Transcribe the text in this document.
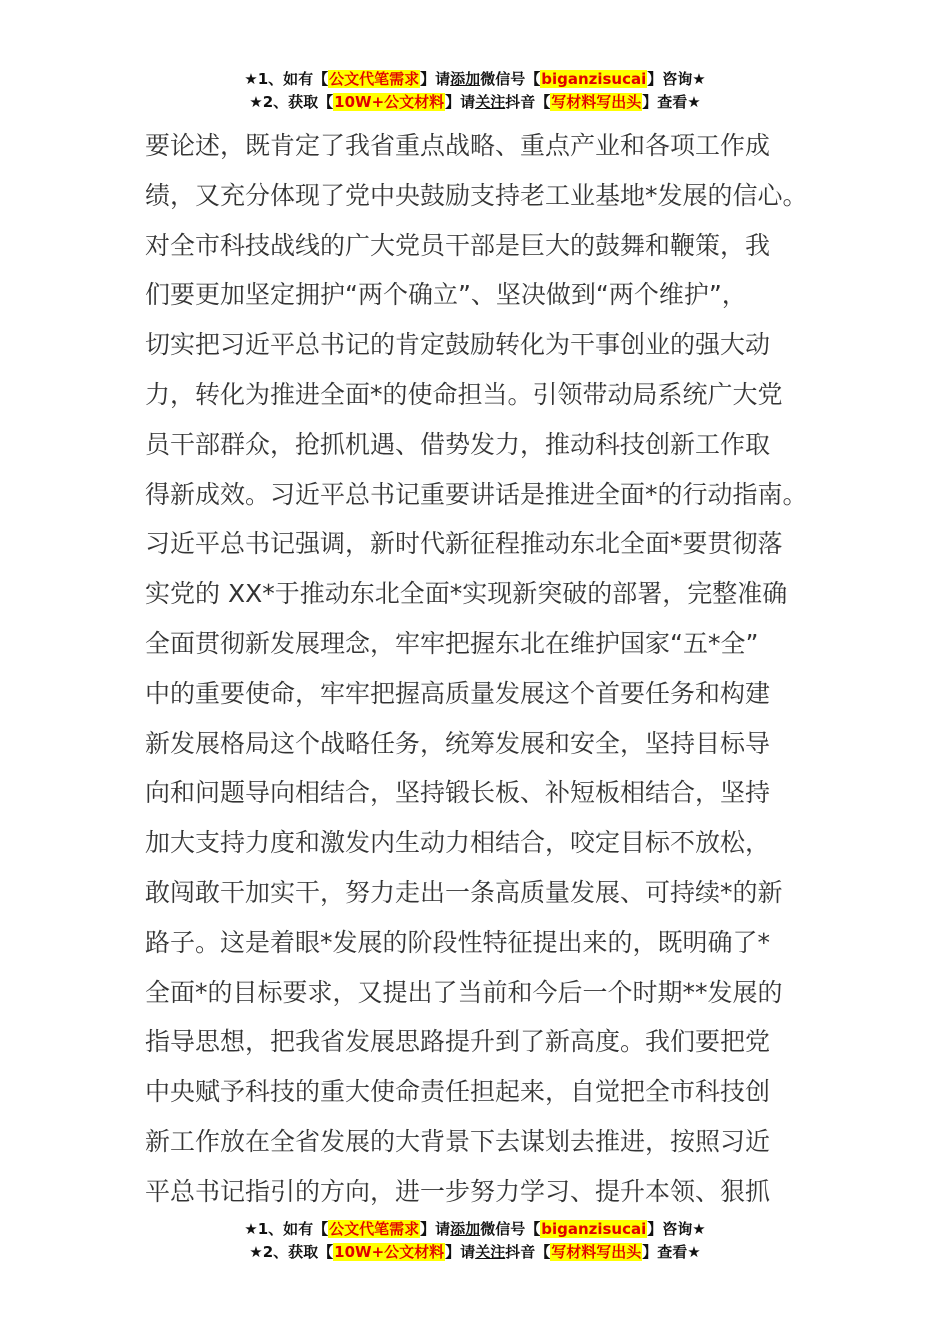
★1、如有【公文代笔需求】请添加微信号【biganzisucai】咨询★
★2、获取【10W+公文材料】请关注抖音【写材料写出头】查看★
要论述，既肯定了我省重点战略、重点产业和各项工作成
绩，又充分体现了党中央鼓励支持老工业基地*发展的信心。
对全市科技战线的广大党员干部是巨大的鼓舞和鞭策，我
们要更加坚定拥护“两个确立”、坚决做到“两个维护”，
切实把习近平总书记的肯定鼓励转化为干事创业的强大动
力，转化为推进全面*的使命担当。引领带动局系统广大党
员干部群众，抢抓机遇、借势发力，推动科技创新工作取
得新成效。习近平总书记重要讲话是推进全面*的行动指南。
习近平总书记强调，新时代新征程推动东北全面*要贯彻落
实党的 XX*于推动东北全面*实现新突破的部署，完整准确
全面贯彻新发展理念，牢牢把握东北在维护国家“五*全”
中的重要使命，牢牢把握高质量发展这个首要任务和构建
新发展格局这个战略任务，统筹发展和安全，坚持目标导
向和问题导向相结合，坚持锻长板、补短板相结合，坚持
加大支持力度和激发内生动力相结合，咬定目标不放松，
敢闯敢干加实干，努力走出一条高质量发展、可持续*的新
路子。这是着眼*发展的阶段性特征提出来的，既明确了*
全面*的目标要求，又提出了当前和今后一个时期**发展的
指导思想，把我省发展思路提升到了新高度。我们要把党
中央赋予科技的重大使命责任担起来，自觉把全市科技创
新工作放在全省发展的大背景下去谋划去推进，按照习近
平总书记指引的方向，进一步努力学习、提升本领、狠抓
★1、如有【公文代笔需求】请添加微信号【biganzisucai】咨询★
★2、获取【10W+公文材料】请关注抖音【写材料写出头】查看★
